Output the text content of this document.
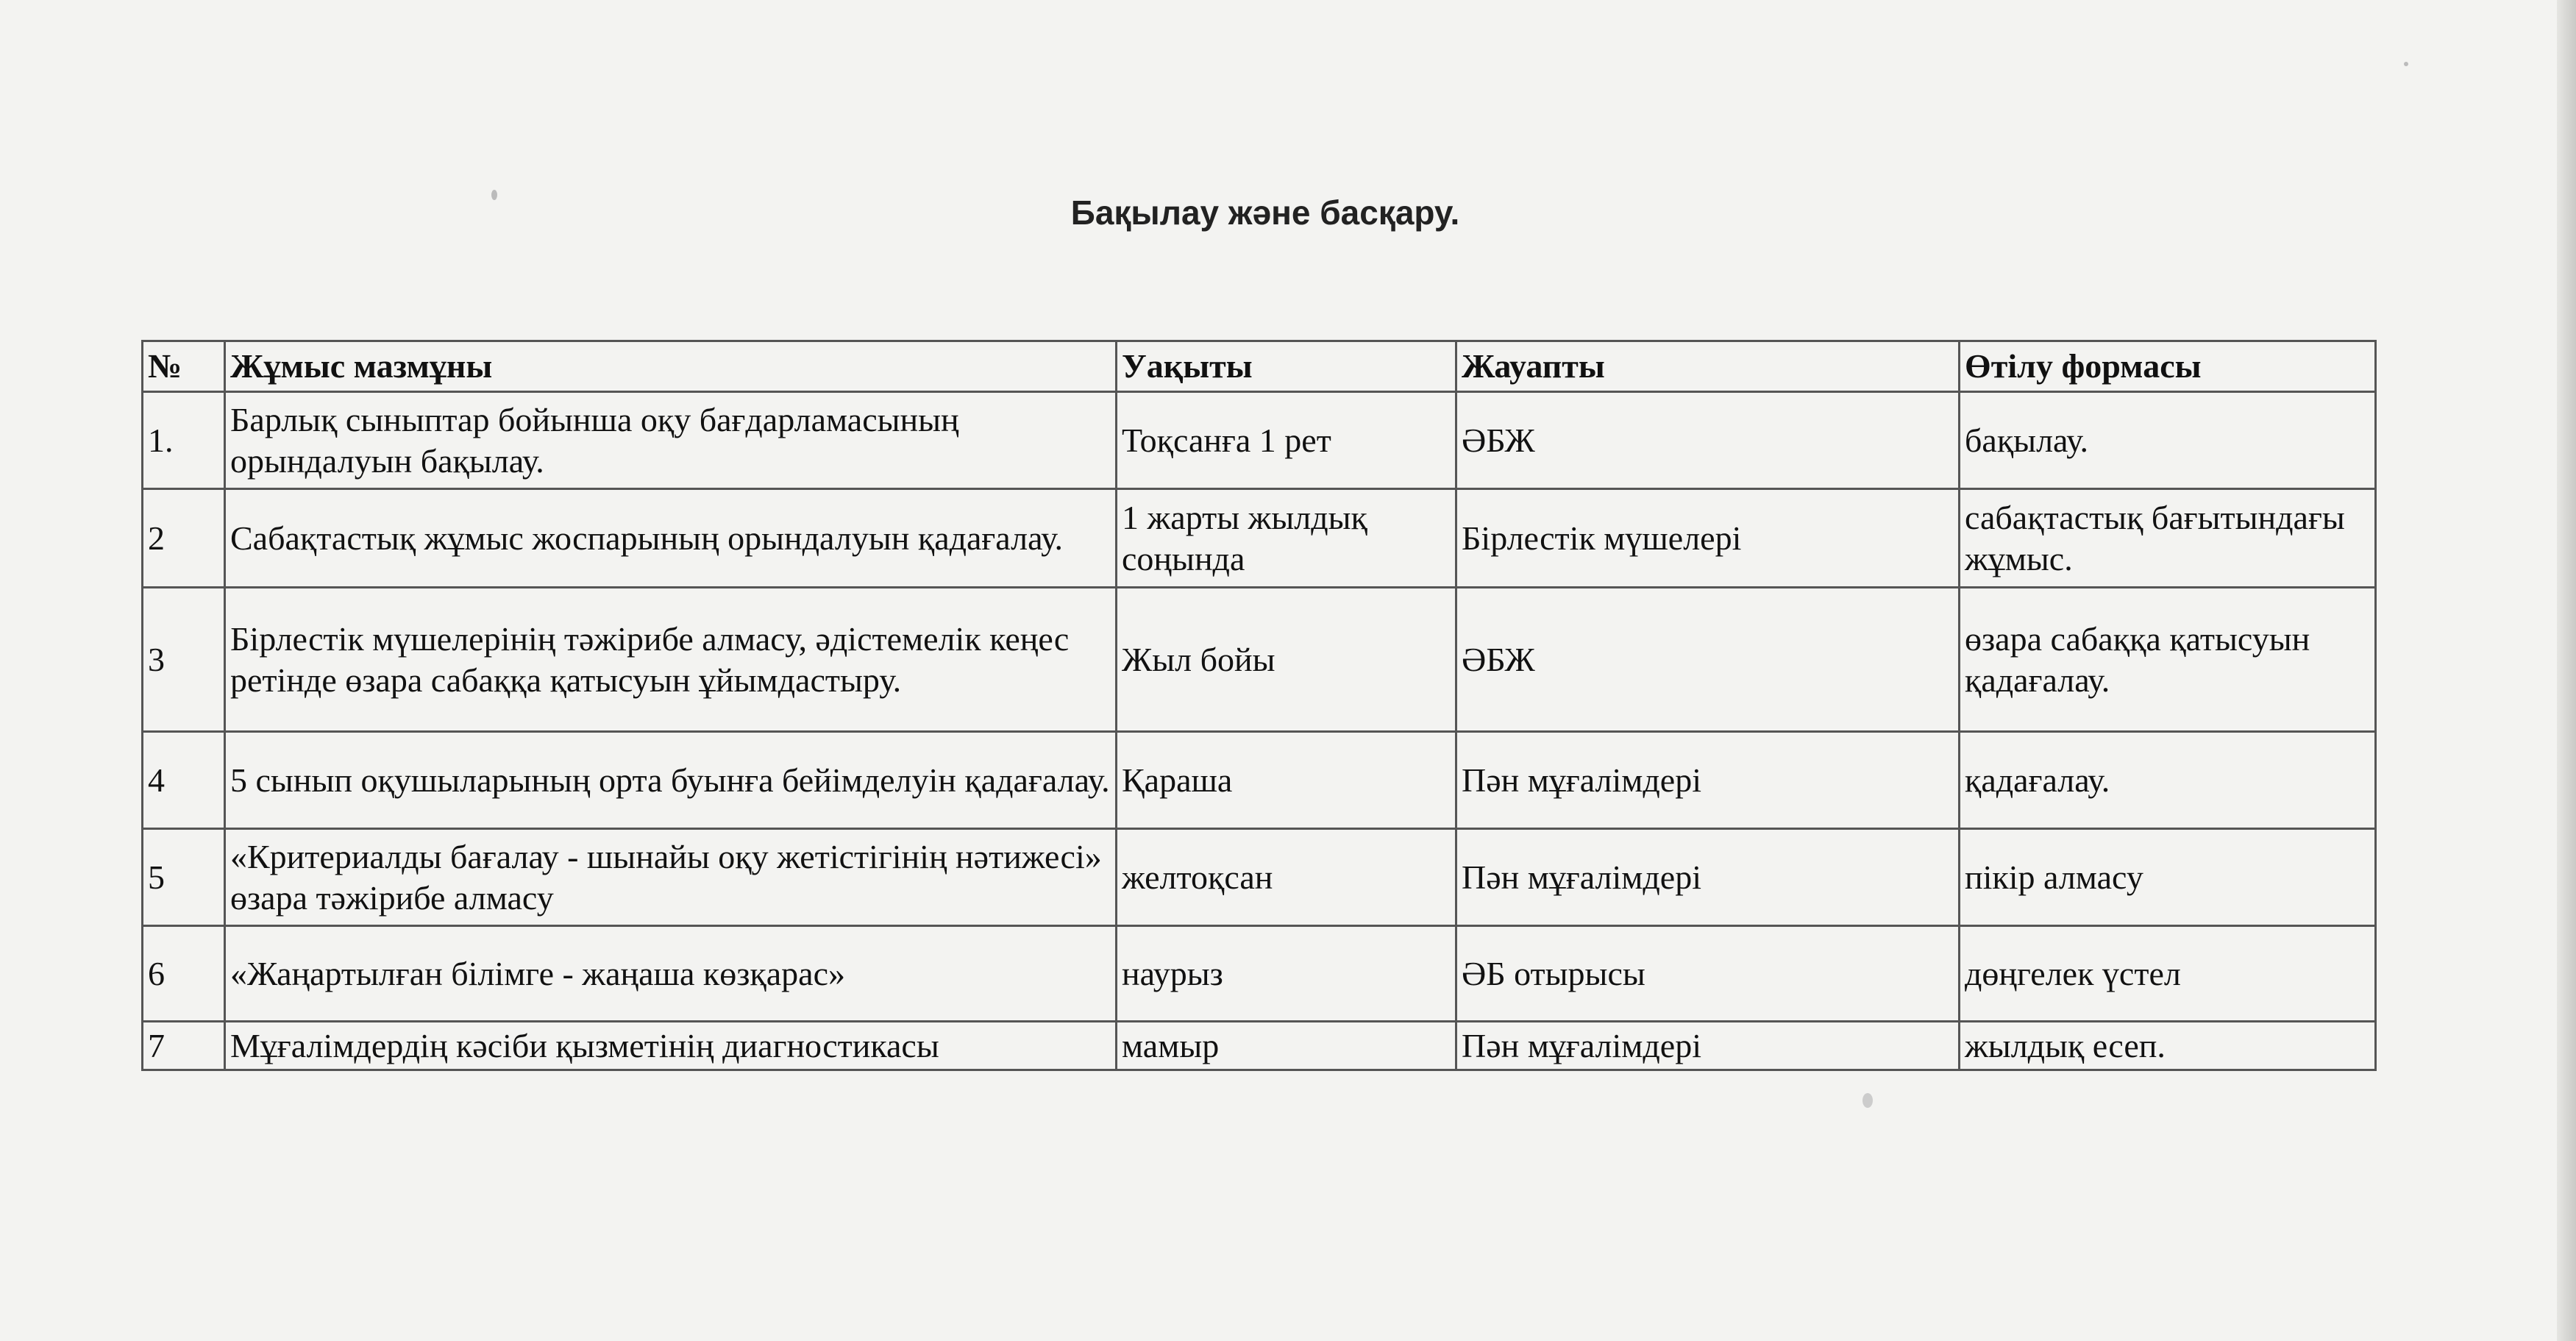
Бақылау және басқару.
№	Жұмыс мазмұны	Уақыты	Жауапты	Өтілу формасы
1.	Барлық сыныптар бойынша оқу бағдарламасының орындалуын бақылау.	Тоқсанға 1 рет	ӘБЖ	бақылау.
2	Сабақтастық жұмыс жоспарының орындалуын қадағалау.	1 жарты жылдық соңында	Бірлестік мүшелері	сабақтастық бағытындағы жұмыс.
3	Бірлестік мүшелерінің тәжірибе алмасу, әдістемелік кеңес ретінде өзара сабаққа қатысуын ұйымдастыру.	Жыл бойы	ӘБЖ	өзара сабаққа қатысуын қадағалау.
4	5 сынып оқушыларының орта буынға бейімделуін қадағалау.	Қараша	Пән мұғалімдері	қадағалау.
5	«Критериалды бағалау - шынайы оқу жетістігінің нәтижесі» өзара тәжірибе алмасу	желтоқсан	Пән мұғалімдері	пікір алмасу
6	«Жаңартылған білімге - жаңаша көзқарас»	наурыз	ӘБ отырысы	дөңгелек үстел
7	Мұғалімдердің кәсіби қызметінің диагностикасы	мамыр	Пән мұғалімдері	жылдық есеп.
